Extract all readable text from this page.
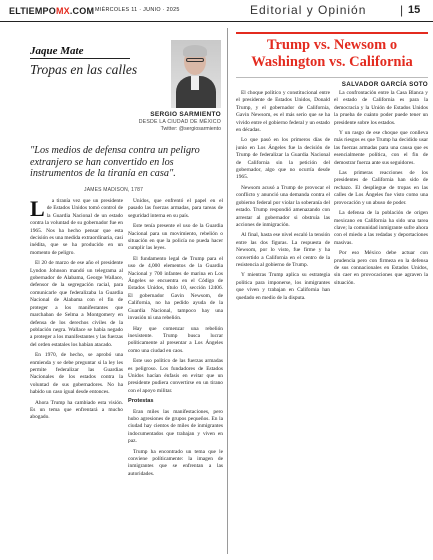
ELTIEMPOMX.COM MIÉRCOLES 11 · JUNIO · 2025	Editorial y Opinión	| 15
Jaque Mate
Tropas en las calles
SERGIO SARMIENTO
DESDE LA CIUDAD DE MÉXICO
Twitter: @sergiosarmiento
"Los medios de defensa contra un peligro extranjero se han convertido en los instrumentos de la tiranía en casa".
JAMES MADISON, 1787
L	a tiranía vez que un presidente de Estados Unidos tomó control de la Guardia Nacional de un estado contra la voluntad de su gobernador fue en 1965. Nos ha hecho pensar que esta decisión es una medida extraordinaria, casi inédita, que se ha producido en un momento de peligro.

El 20 de marzo de ese año el presidente Lyndon Johnson mandó un telegrama al gobernador de Alabama, George Wallace, defensor de la segregación racial, para comunicarle que federalizaba la Guardia Nacional de Alabama con el fin de proteger a los manifestantes que marchaban de Selma a Montgomery en defensa de los derechos civiles de la población negra. Wallace se había negado a proteger a los manifestantes y las fuerzas del orden estatales los habían atacado.

En 1970, de hecho, se aprobó una enmienda y se debe preguntar si la ley les permite federalizar las Guardias Nacionales de los estados contra la voluntad de sus gobernadores. No ha habido un caso igual desde entonces.

Ahora Trump ha cambiado esta visión. Es un tema que enfrentará a mucho abogado.

Unidos, que enfrentó el papel en el pasado las fuerzas armadas, para tareas de seguridad interna en su país.

Este tenía presente el uso de la Guardia Nacional para un movimiento, rebelión o situación en que la policía no pueda hacer cumplir las leyes.

El fundamento legal de Trump para el uso de 4,000 elementos de la Guardia Nacional y 700 infantes de marina en Los Ángeles se encuentra en el Código de Estados Unidos, título 10, sección 12406. El gobernador Gavin Newsom, de California, no ha pedido ayuda de la Guardia Nacional, tampoco hay una invasión ni una rebelión.

Hay que comenzar una rebelión inexistente. Trump busca lucrar políticamente al presentar a Los Ángeles como una ciudad en caos.

Este uso político de las fuerzas armadas es peligroso. Los fundadores de Estados Unidos hacían énfasis en evitar que un presidente pudiera convertirse en un tirano con el apoyo militar.

Protestas

Eran miles las manifestaciones, pero hubo agresiones de grupos pequeños. En la ciudad hay cientos de miles de inmigrantes indocumentados que trabajan y viven en paz.

Trump ha encontrado un tema que le conviene políticamente: la imagen de inmigrantes que se enfrentan a las autoridades.

Trump vs. Newsom o Washington vs. California
SALVADOR GARCÍA SOTO

El choque político y constitucional entre el presidente de Estados Unidos, Donald Trump, y el gobernador de California, Gavin Newsom, es el más serio que se ha vivido entre el gobierno federal y un estado en décadas.

Lo que pasó en los primeros días de junio en Los Ángeles fue la decisión de Trump de federalizar la Guardia Nacional de California sin la petición del gobernador, algo que no ocurría desde 1965.

Newsom acusó a Trump de provocar el conflicto y anunció una demanda contra el gobierno federal por violar la soberanía del estado. Trump respondió amenazando con arrestar al gobernador si obstruía las acciones de inmigración.

Al final, hasta ese nivel escaló la tensión entre las dos figuras. La respuesta de Newsom, por lo visto, fue firme y ha convertido a California en el centro de la resistencia al gobierno de Trump.

Y mientras Trump aplica su estrategia política para imponerse, los inmigrantes que viven y trabajan en California han quedado en medio de la disputa.

La confrontación entre la Casa Blanca y el estado de California es para la democracia y la Unión de Estados Unidos la prueba de cuánto poder puede tener un presidente sobre los estados.

Y un rasgo de ese choque que conlleva más riesgos es que Trump ha decidido usar las fuerzas armadas para una causa que es esencialmente política, con el fin de demostrar fuerza ante sus seguidores.

Las primeras reacciones de los presidentes de California han sido de rechazo. El despliegue de tropas en las calles de Los Ángeles fue visto como una provocación y un abuso de poder.

La defensa de la población de origen mexicano en California ha sido una tarea clave; la comunidad inmigrante sufre ahora con el miedo a las redadas y deportaciones masivas.

Por eso México debe actuar con prudencia pero con firmeza en la defensa de sus connacionales en Estados Unidos, sin caer en provocaciones que agraven la situación.
